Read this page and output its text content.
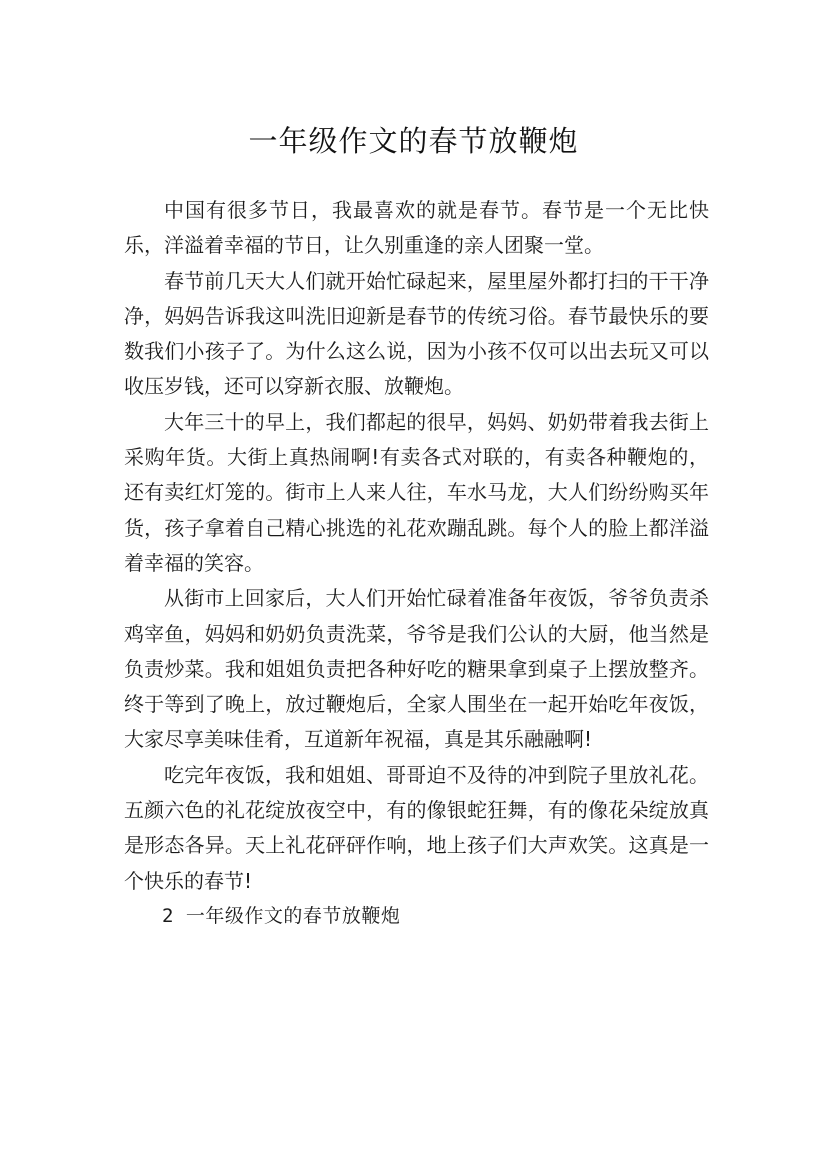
一年级作文的春节放鞭炮

中国有很多节日，我最喜欢的就是春节。春节是一个无比快乐，洋溢着幸福的节日，让久别重逢的亲人团聚一堂。

春节前几天大人们就开始忙碌起来，屋里屋外都打扫的干干净净，妈妈告诉我这叫洗旧迎新是春节的传统习俗。春节最快乐的要数我们小孩子了。为什么这么说，因为小孩不仅可以出去玩又可以收压岁钱，还可以穿新衣服、放鞭炮。

大年三十的早上，我们都起的很早，妈妈、奶奶带着我去街上采购年货。大街上真热闹啊!有卖各式对联的，有卖各种鞭炮的，还有卖红灯笼的。街市上人来人往，车水马龙，大人们纷纷购买年货，孩子拿着自己精心挑选的礼花欢蹦乱跳。每个人的脸上都洋溢着幸福的笑容。

从街市上回家后，大人们开始忙碌着准备年夜饭，爷爷负责杀鸡宰鱼，妈妈和奶奶负责洗菜，爷爷是我们公认的大厨，他当然是负责炒菜。我和姐姐负责把各种好吃的糖果拿到桌子上摆放整齐。终于等到了晚上，放过鞭炮后，全家人围坐在一起开始吃年夜饭，大家尽享美味佳肴，互道新年祝福，真是其乐融融啊!

吃完年夜饭，我和姐姐、哥哥迫不及待的冲到院子里放礼花。五颜六色的礼花绽放夜空中，有的像银蛇狂舞，有的像花朵绽放真是形态各异。天上礼花砰砰作响，地上孩子们大声欢笑。这真是一个快乐的春节!

2 一年级作文的春节放鞭炮
